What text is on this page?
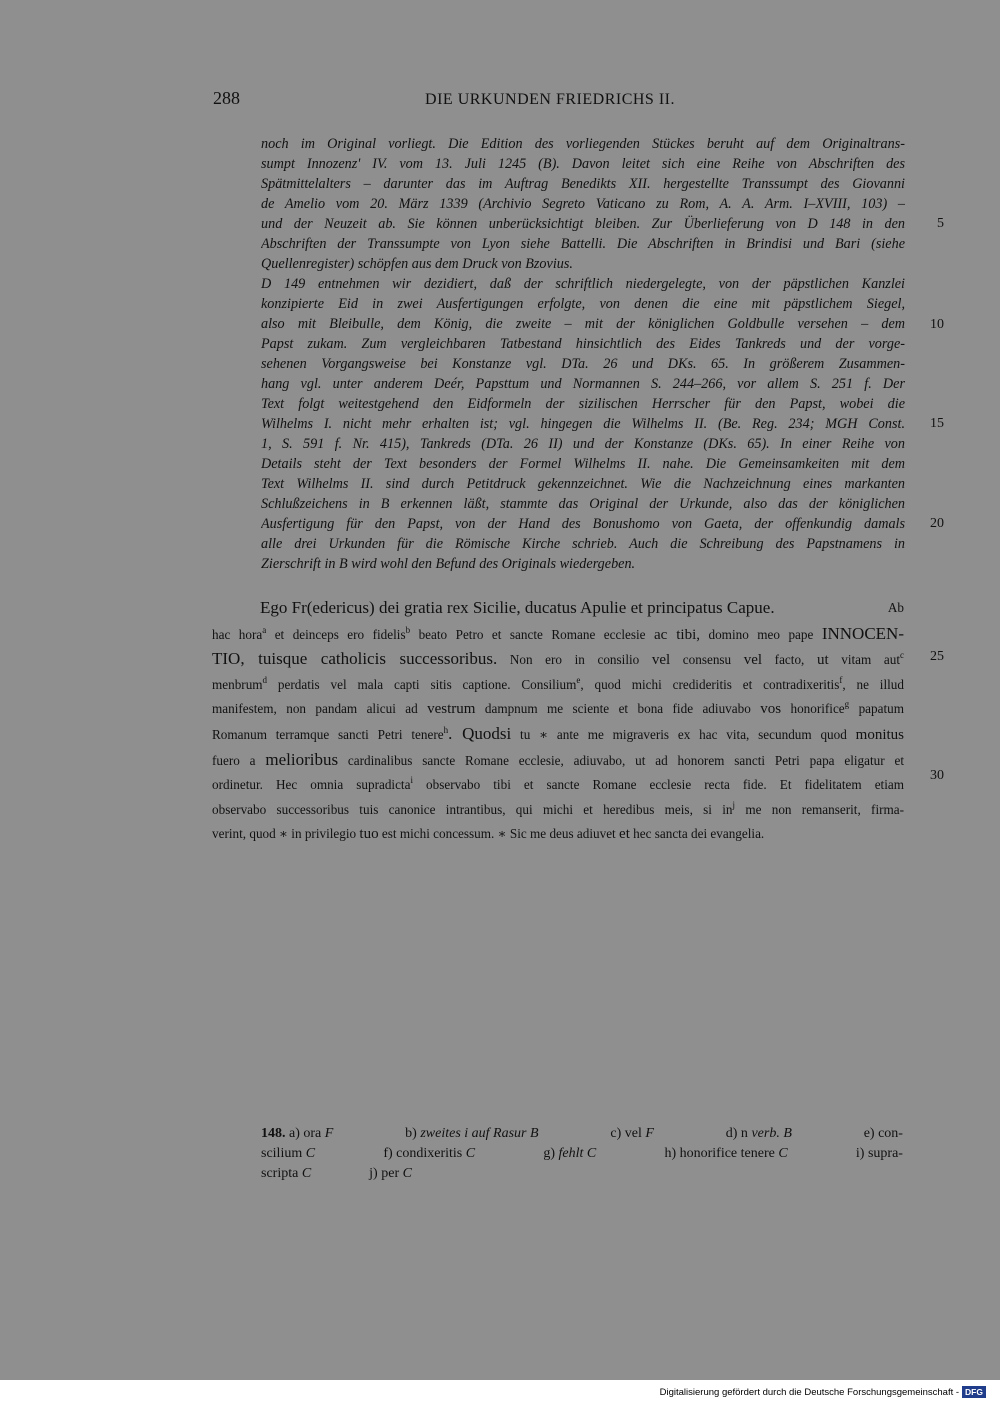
288	DIE URKUNDEN FRIEDRICHS II.
noch im Original vorliegt. Die Edition des vorliegenden Stückes beruht auf dem Originaltrans-
sumpt Innozenz' IV. vom 13. Juli 1245 (B). Davon leitet sich eine Reihe von Abschriften des
Spätmittelalters – darunter das im Auftrag Benedikts XII. hergestellte Transsumpt des Giovanni
de Amelio vom 20. März 1339 (Archivio Segreto Vaticano zu Rom, A. A. Arm. I–XVIII, 103) –
und der Neuzeit ab. Sie können unberücksichtigt bleiben. Zur Überlieferung von D 148 in den
Abschriften der Transsumpte von Lyon siehe Battelli. Die Abschriften in Brindisi und Bari (siehe
Quellenregister) schöpfen aus dem Druck von Bzovius.
D 149 entnehmen wir dezidiert, daß der schriftlich niedergelegte, von der päpstlichen Kanzlei
konzipierte Eid in zwei Ausfertigungen erfolgte, von denen die eine mit päpstlichem Siegel,
also mit Bleibulle, dem König, die zweite – mit der königlichen Goldbulle versehen – dem
Papst zukam. Zum vergleichbaren Tatbestand hinsichtlich des Eides Tankreds und der vorge-
sehenen Vorgangsweise bei Konstanze vgl. DTa. 26 und DKs. 65. In größerem Zusammen-
hang vgl. unter anderem Deér, Papsttum und Normannen S. 244–266, vor allem S. 251 f. Der
Text folgt weitestgehend den Eidformeln der sizilischen Herrscher für den Papst, wobei die
Wilhelms I. nicht mehr erhalten ist; vgl. hingegen die Wilhelms II. (Be. Reg. 234; MGH Const.
1, S. 591 f. Nr. 415), Tankreds (DTa. 26 II) und der Konstanze (DKs. 65). In einer Reihe von
Details steht der Text besonders der Formel Wilhelms II. nahe. Die Gemeinsamkeiten mit dem
Text Wilhelms II. sind durch Petitdruck gekennzeichnet. Wie die Nachzeichnung eines markanten
Schlußzeichens in B erkennen läßt, stammte das Original der Urkunde, also das der königlichen
Ausfertigung für den Papst, von der Hand des Bonushomo von Gaeta, der offenkundig damals
alle drei Urkunden für die Römische Kirche schrieb. Auch die Schreibung des Papstnamens in
Zierschrift in B wird wohl den Befund des Originals wiedergeben.
5
10
15
20
25
30
Ego Fr(edericus) dei gratia rex Sicilie, ducatus Apulie et principatus Capue.	Ab
hac hora$^a$ et deinceps ero fidelis$^b$ beato Petro et sancte Romane ecclesie ac tibi, domino meo pape INNOCEN-
TIO, tuisque catholicis successoribus. Non ero in consilio vel consensu vel facto, ut vitam aut$^c$
menbrum$^d$ perdatis vel mala capti sitis captione. Consilium$^e$, quod michi credideritis et contradixeritis$^f$, ne illud
manifestem, non pandam alicui ad vestrum dampnum me sciente et bona fide adiuvabo vos honorifice$^g$ papatum
Romanum terramque sancti Petri tenere$^h$. Quodsi tu ∗ ante me migraveris ex hac vita, secundum quod monitus
fuero a melioribus cardinalibus sancte Romane ecclesie, adiuvabo, ut ad honorem sancti Petri papa eligatur et
ordinetur. Hec omnia supradicta$^i$ observabo tibi et sancte Romane ecclesie recta fide. Et fidelitatem etiam
observabo successoribus tuis canonice intrantibus, qui michi et heredibus meis, si $in^j$ me non remanserit, firma-
verint, quod ∗ in privilegio tuo est michi concessum. ∗ Sic me deus adiuvet et hec sancta dei evangelia.
148. a) ora F	b) zweites i auf Rasur B	c) vel F	d) n verb. B	e) con-
scilium C	f) condixeritis C	g) fehlt C	h) honorifice tenere C	i) supra-
scripta C	j) per C
Digitalisierung gefördert durch die Deutsche Forschungsgemeinschaft - DFG
